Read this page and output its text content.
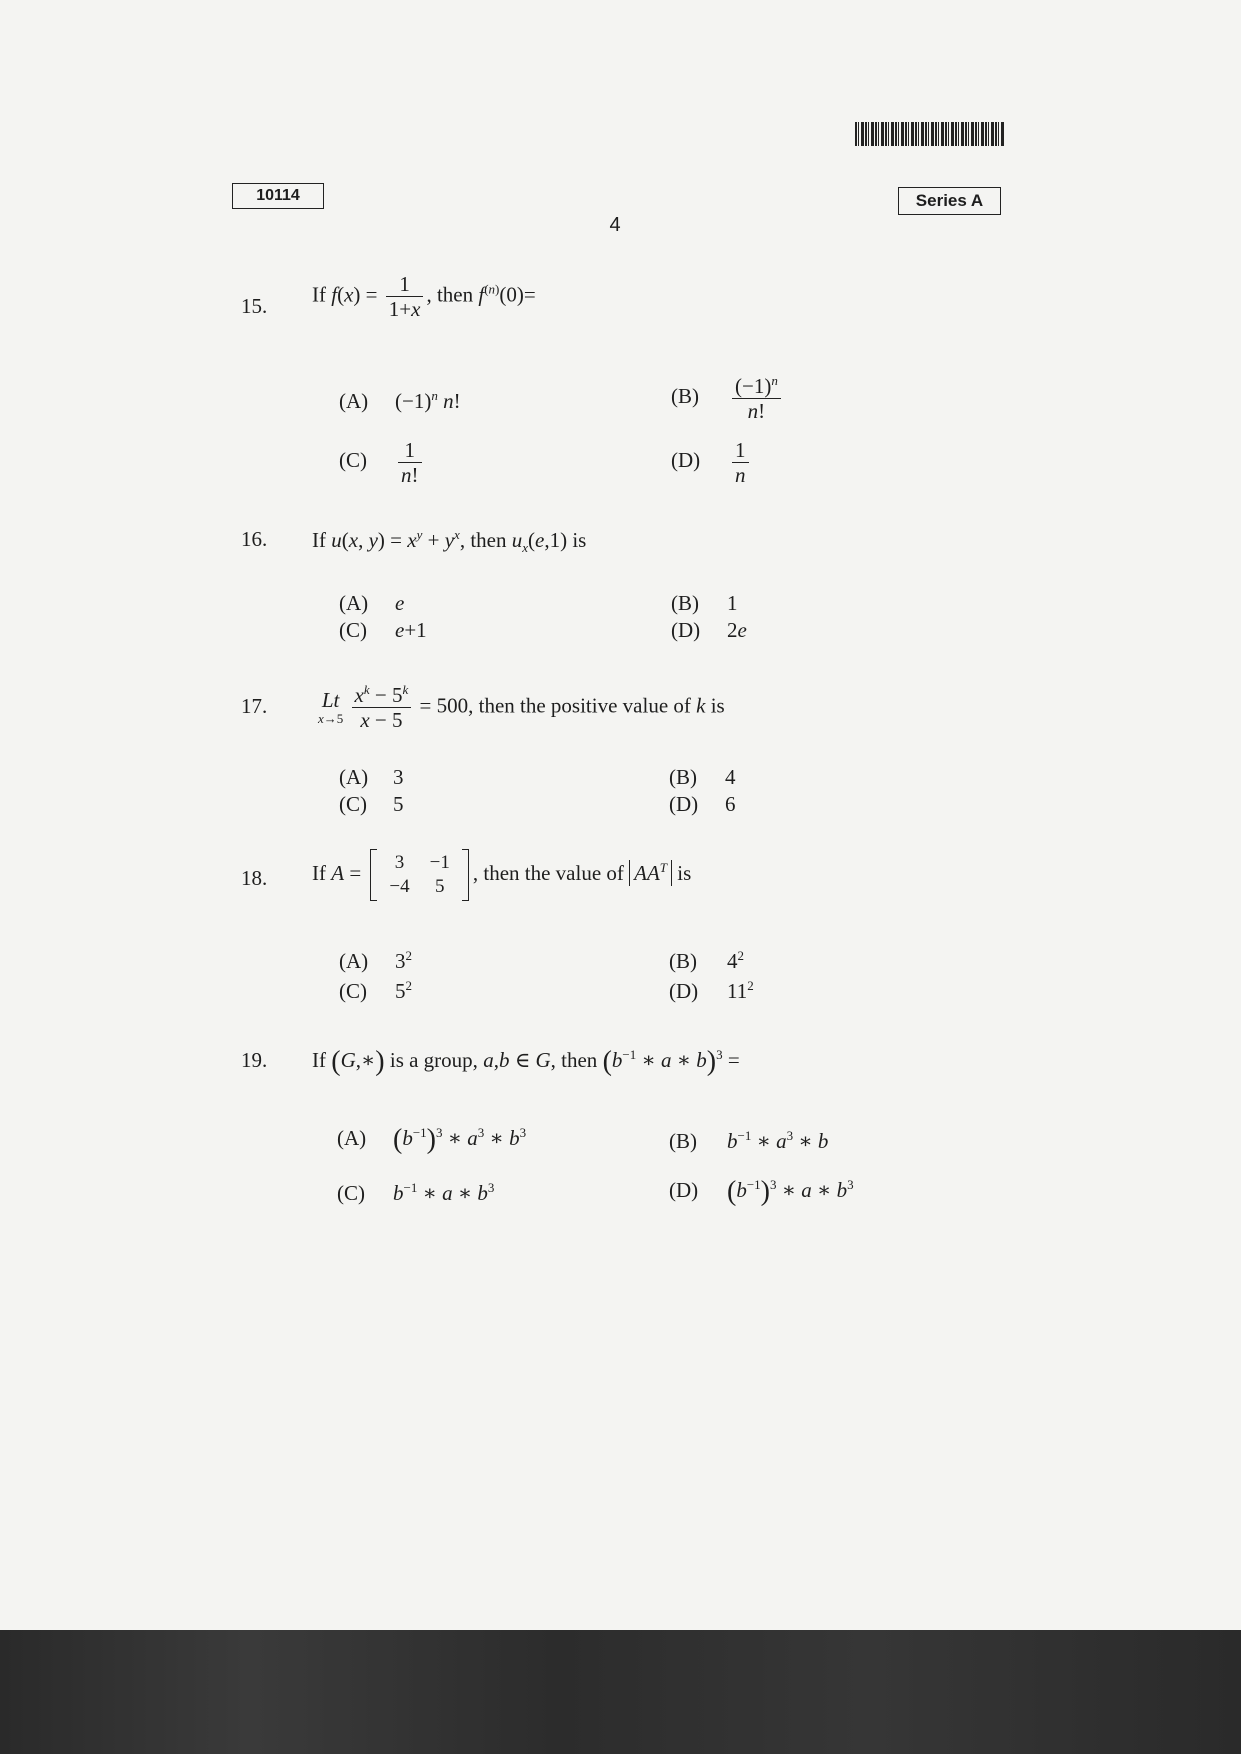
10114	Series A
4
15. If $f(x) = \frac{1}{1+x}$ , then $f^{(n)}(0)=$
(A) $(-1)^n$ n!	$(B) \frac{(-1)^n}{n!}$
$(C) \frac{1}{n!}$	$(D) \frac{1}{n}$
16. If u(x, $y) = x^y + y^x$, then $u_x(e,1)$ is
(A) e	(B) 1
(C) e+1	(D) 2e
17.	Lt
x→5
$\frac{x^k - 5^k}{x - 5} = 500$, then the positive value of k is
(A) 3	(B) 4
(C) 5	(D) 6
18. If A = 3	−1
−4	5
, then the value of $AA^T$ is
(A) $3^2$	(B) $4^2$
(C) $5^2$	(D) $11^2$
19. If (G,∗) is a group, a,b ∈ G, then ($b^{-1}$ ∗ a ∗ b)$^3$ =
(A) $(b^{-1})^3$ ∗ $a^3$ ∗ $b^3$	(B) $b^{-1}$ ∗ $a^3$ ∗ b
(C) $b^{-1}$ ∗ a ∗ $b^3$	(D) $(b^{-1})^3$ ∗ a ∗ $b^3$
